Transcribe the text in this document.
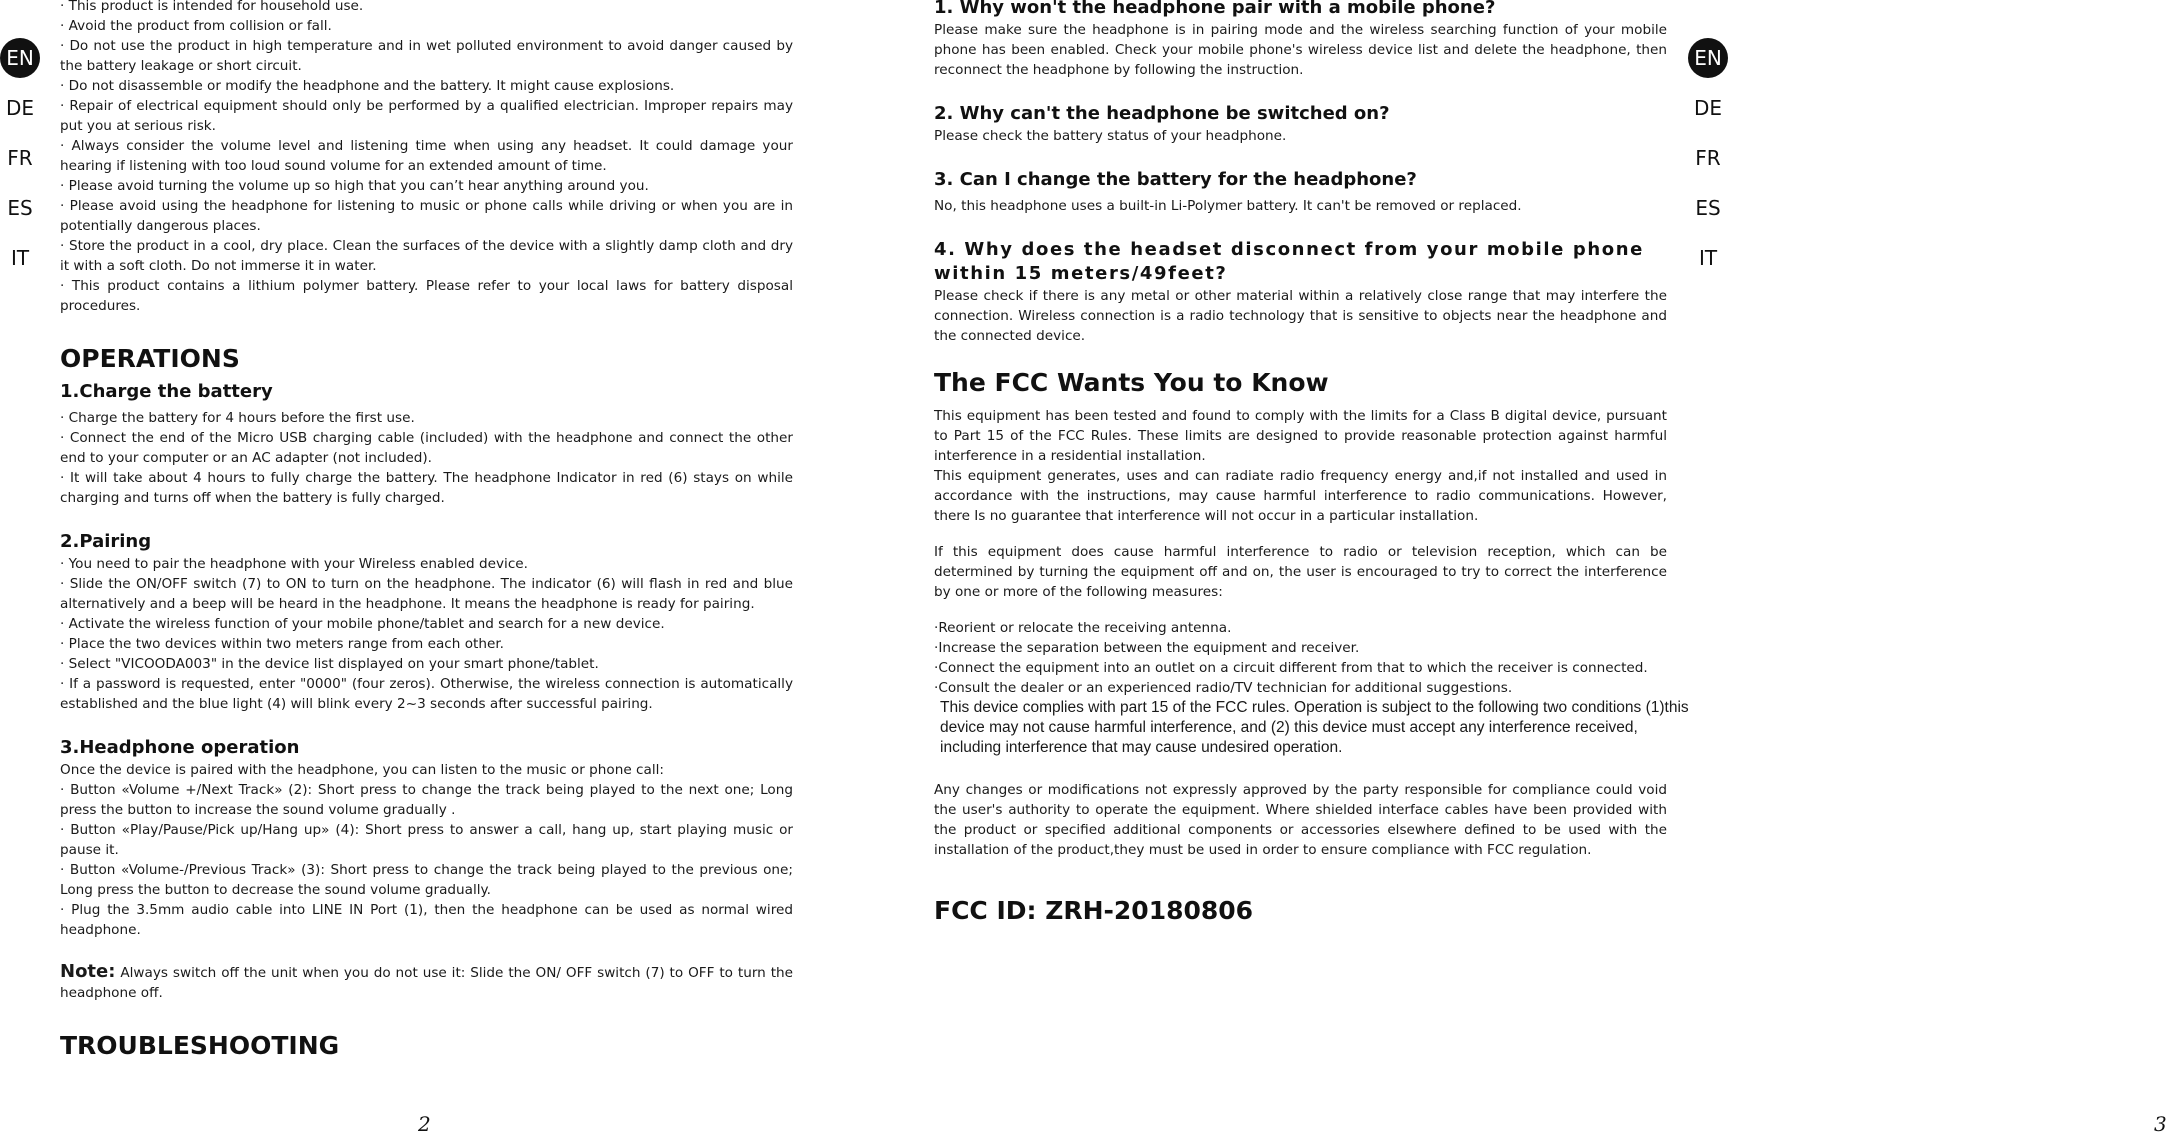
EN
DE
FR
ES
IT

· This product is intended for household use.

· Avoid the product from collision or fall.

· Do not use the product in high temperature and in wet polluted environment to avoid danger caused by the battery leakage or short circuit.

· Do not disassemble or modify the headphone and the battery. It might cause explosions.

· Repair of electrical equipment should only be performed by a qualified electrician. Improper repairs may put you at serious risk.

· Always consider the volume level and listening time when using any headset. It could damage your hearing if listening with too loud sound volume for an extended amount of time.

· Please avoid turning the volume up so high that you can’t hear anything around you.

· Please avoid using the headphone for listening to music or phone calls while driving or when you are in potentially dangerous places.

· Store the product in a cool, dry place. Clean the surfaces of the device with a slightly damp cloth and dry it with a soft cloth. Do not immerse it in water.

· This product contains a lithium polymer battery. Please refer to your local laws for battery disposal procedures.

OPERATIONS
1.Charge the battery

· Charge the battery for 4 hours before the first use.

· Connect the end of the Micro USB charging cable (included) with the headphone and connect the other end to your computer or an AC adapter (not included).

· It will take about 4 hours to fully charge the battery. The headphone Indicator in red (6) stays on while charging and turns off when the battery is fully charged.

2.Pairing

· You need to pair the headphone with your Wireless enabled device.

· Slide the ON/OFF switch (7) to ON to turn on the headphone. The indicator (6) will flash in red and blue alternatively and a beep will be heard in the headphone. It means the headphone is ready for pairing.

· Activate the wireless function of your mobile phone/tablet and search for a new device.

· Place the two devices within two meters range from each other.

· Select "VICOODA003" in the device list displayed on your smart phone/tablet.

· If a password is requested, enter "0000" (four zeros). Otherwise, the wireless connection is automatically established and the blue light (4) will blink every 2~3 seconds after successful pairing.

3.Headphone operation

Once the device is paired with the headphone, you can listen to the music or phone call:

· Button «Volume +/Next Track» (2): Short press to change the track being played to the next one; Long press the button to increase the sound volume gradually .

· Button «Play/Pause/Pick up/Hang up» (4): Short press to answer a call, hang up, start playing music or pause it.

· Button «Volume-/Previous Track» (3): Short press to change the track being played to the previous one; Long press the button to decrease the sound volume gradually.

· Plug the 3.5mm audio cable into LINE IN Port (1), then the headphone can be used as normal wired headphone.

Note: Always switch off the unit when you do not use it: Slide the ON/ OFF switch (7) to OFF to turn the headphone off.

TROUBLESHOOTING
2
1. Why won't the headphone pair with a mobile phone?

Please make sure the headphone is in pairing mode and the wireless searching function of your mobile phone has been enabled. Check your mobile phone's wireless device list and delete the headphone, then reconnect the headphone by following the instruction.

2. Why can't the headphone be switched on?

Please check the battery status of your headphone.

3. Can I change the battery for the headphone?

No, this headphone uses a built-in Li-Polymer battery. It can't be removed or replaced.

4. Why does the headset disconnect from your mobile phone within 15 meters/49feet?

Please check if there is any metal or other material within a relatively close range that may interfere the connection. Wireless connection is a radio technology that is sensitive to objects near the headphone and the connected device.

The FCC Wants You to Know

This equipment has been tested and found to comply with the limits for a Class B digital device, pursuant to Part 15 of the FCC Rules. These limits are designed to provide reasonable protection against harmful interference in a residential installation.

This equipment generates, uses and can radiate radio frequency energy and,if not installed and used in accordance with the instructions, may cause harmful interference to radio communications. However, there Is no guarantee that interference will not occur in a particular installation.

If this equipment does cause harmful interference to radio or television reception, which can be determined by turning the equipment off and on, the user is encouraged to try to correct the interference by one or more of the following measures:

·Reorient or relocate the receiving antenna.

·Increase the separation between the equipment and receiver.

·Connect the equipment into an outlet on a circuit different from that to which the receiver is connected.

·Consult the dealer or an experienced radio/TV technician for additional suggestions.

This device complies with part 15 of the FCC rules. Operation is subject to the following two conditions (1)this device may not cause harmful interference, and (2) this device must accept any interference received, including interference that may cause undesired operation.

Any changes or modifications not expressly approved by the party responsible for compliance could void the user's authority to operate the equipment. Where shielded interface cables have been provided with the product or specified additional components or accessories elsewhere defined to be used with the installation of the product,they must be used in order to ensure compliance with FCC regulation.

FCC ID: ZRH-20180806

3
EN
DE
FR
ES
IT
